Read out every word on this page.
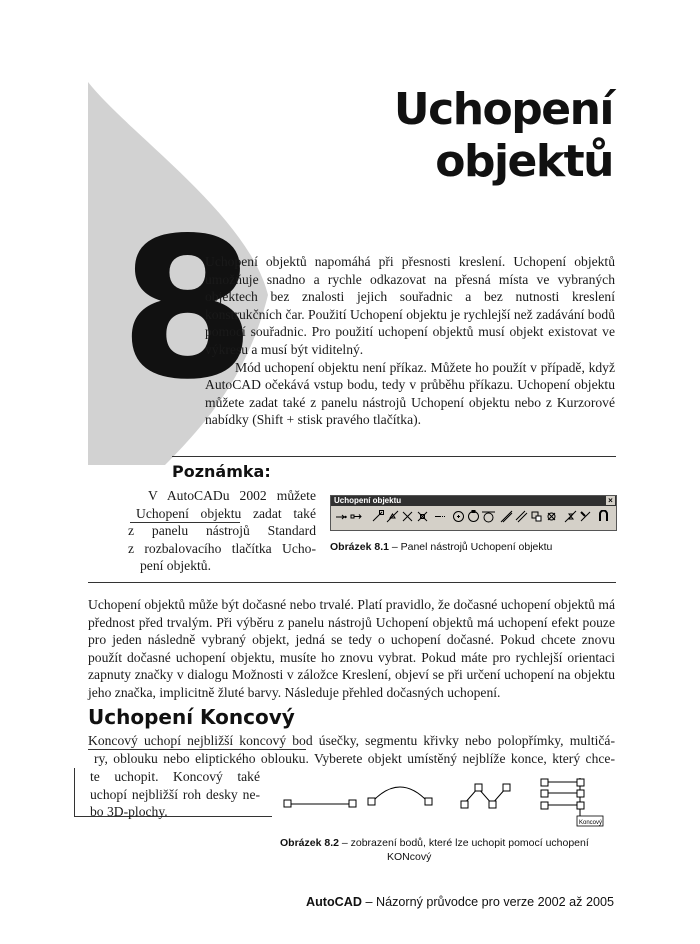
Uchopení
objektů
8

Uchopení objektů napomáhá při přesnosti kreslení. Uchopení objektů umožňuje snadno a rychle odkazovat na přesná místa ve vybraných objektech bez znalosti jejich souřadnic a bez nutnosti kreslení konstrukčních čar. Použití Uchopení objektu je rychlejší než zadávání bodů pomocí souřadnic. Pro použití uchopení objektů musí objekt existovat ve výkresu a musí být viditelný.

Mód uchopení objektu není příkaz. Můžete ho použít v případě, když AutoCAD očekává vstup bodu, tedy v průběhu příkazu. Uchopení objektu můžete zadat také z panelu nástrojů Uchopení objektu nebo z Kurzorové nabídky (Shift + stisk pravého tlačítka).

Poznámka:
V AutoCADu 2002 můžete
Uchopení objektu zadat také
z panelu nástrojů Standard
z rozbalovacího tlačítka Ucho-
pení objektů.
Uchopení objektu	×
Obrázek 8.1 – Panel nástrojů Uchopení objektu
Uchopení objektů může být dočasné nebo trvalé. Platí pravidlo, že dočasné uchopení objektů má přednost před trvalým. Při výběru z panelu nástrojů Uchopení objektů má uchopení efekt pouze pro jeden následně vybraný objekt, jedná se tedy o uchopení dočasné. Pokud chcete znovu použít dočasné uchopení objektu, musíte ho znovu vybrat. Pokud máte pro rychlejší orientaci zapnuty značky v dialogu Možnosti v záložce Kreslení, objeví se při určení uchopení na objektu jeho značka, implicitně žluté barvy. Následuje přehled dočasných uchopení.
Uchopení Koncový
Koncový uchopí nejbližší koncový bod úsečky, segmentu křivky nebo polopřímky, multičá-
ry, oblouku nebo eliptického oblouku. Vyberete objekt umístěný nejblíže konce, který chce-
te uchopit. Koncový také
uchopí nejbližší roh desky ne-
bo 3D-plochy.
Koncový
Obrázek 8.2 – zobrazení bodů, které lze uchopit pomocí uchopení
KONcový
AutoCAD – Názorný průvodce pro verze 2002 až 2005
